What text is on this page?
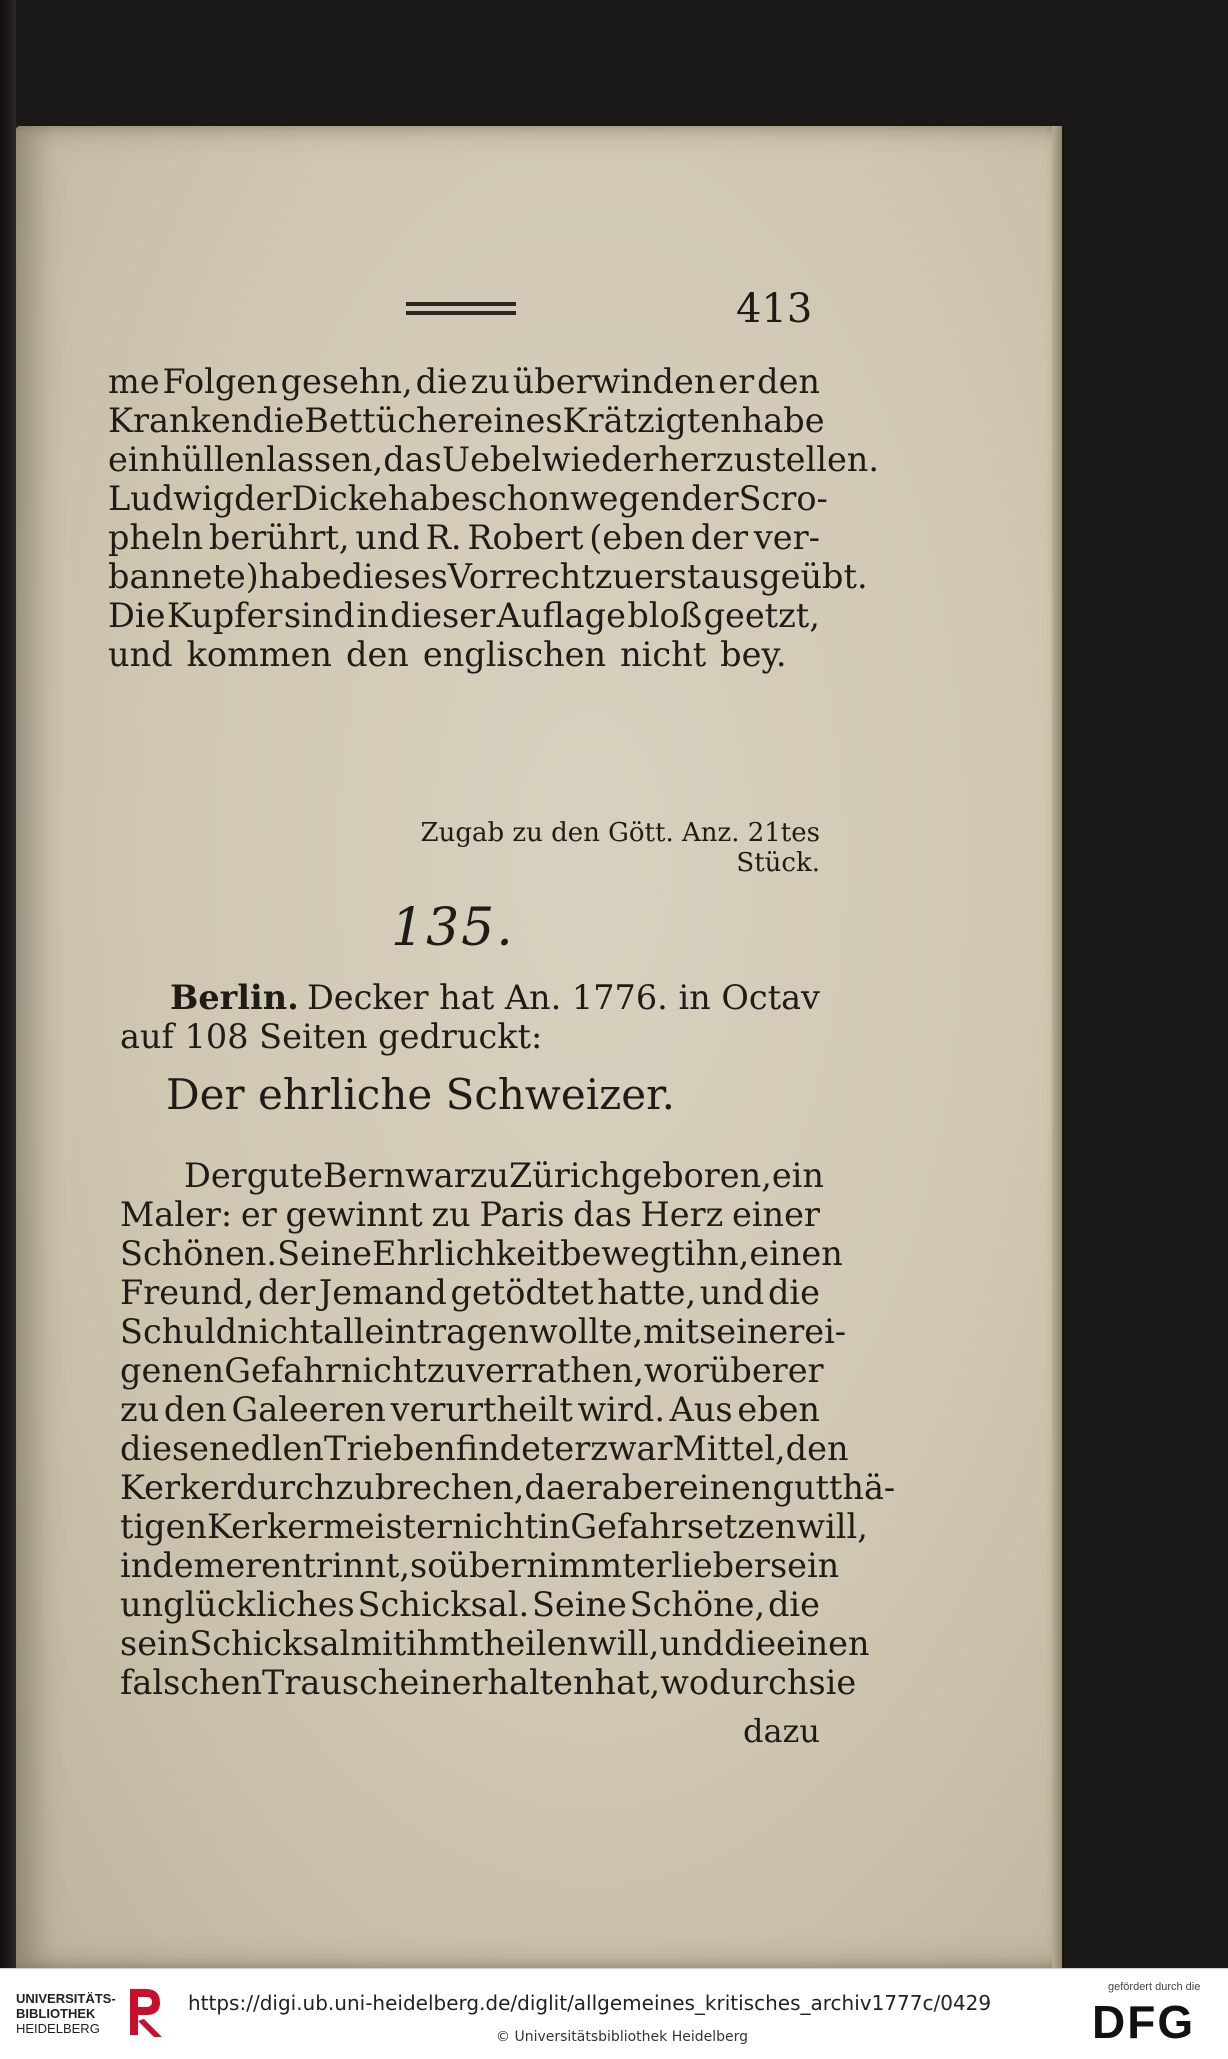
413
me Folgen gesehn, die zu überwinden er den
Kranken die Bettücher eines Krätzigten habe
einhüllen lassen, das Uebel wieder herzustellen.
Ludwig der Dicke habe schon wegen der Scro-
pheln berührt, und R. Robert (eben der ver-
bannete) habe dieses Vorrecht zuerst ausgeübt.
Die Kupfer sind in dieser Auflage bloß geetzt,
und kommen den englischen nicht bey.
Zugab zu den Gött. Anz. 21tes Stück.
135.
Berlin. Decker hat An. 1776. in Octav
auf 108 Seiten gedruckt:
Der ehrliche Schweizer.
Der gute Bern war zu Zürich geboren, ein
Maler: er gewinnt zu Paris das Herz einer
Schönen. Seine Ehrlichkeit bewegt ihn, einen
Freund, der Jemand getödtet hatte, und die
Schuld nicht allein tragen wollte, mit seiner ei-
genen Gefahr nicht zu verrathen, worüber er
zu den Galeeren verurtheilt wird. Aus eben
diesen edlen Trieben findet er zwar Mittel, den
Kerker durchzubrechen, da er aber einen gutthä-
tigen Kerkermeister nicht in Gefahr setzen will,
indem er entrinnt, so übernimmt er lieber sein
unglückliches Schicksal. Seine Schöne, die
sein Schicksal mit ihm theilen will, und die einen
falschen Trauschein erhalten hat, wodurch sie
dazu
UNIVERSITÄTS-
BIBLIOTHEK
HEIDELBERG
https://digi.ub.uni-heidelberg.de/diglit/allgemeines_kritisches_archiv1777c/0429
© Universitätsbibliothek Heidelberg
gefördert durch die
DFG
